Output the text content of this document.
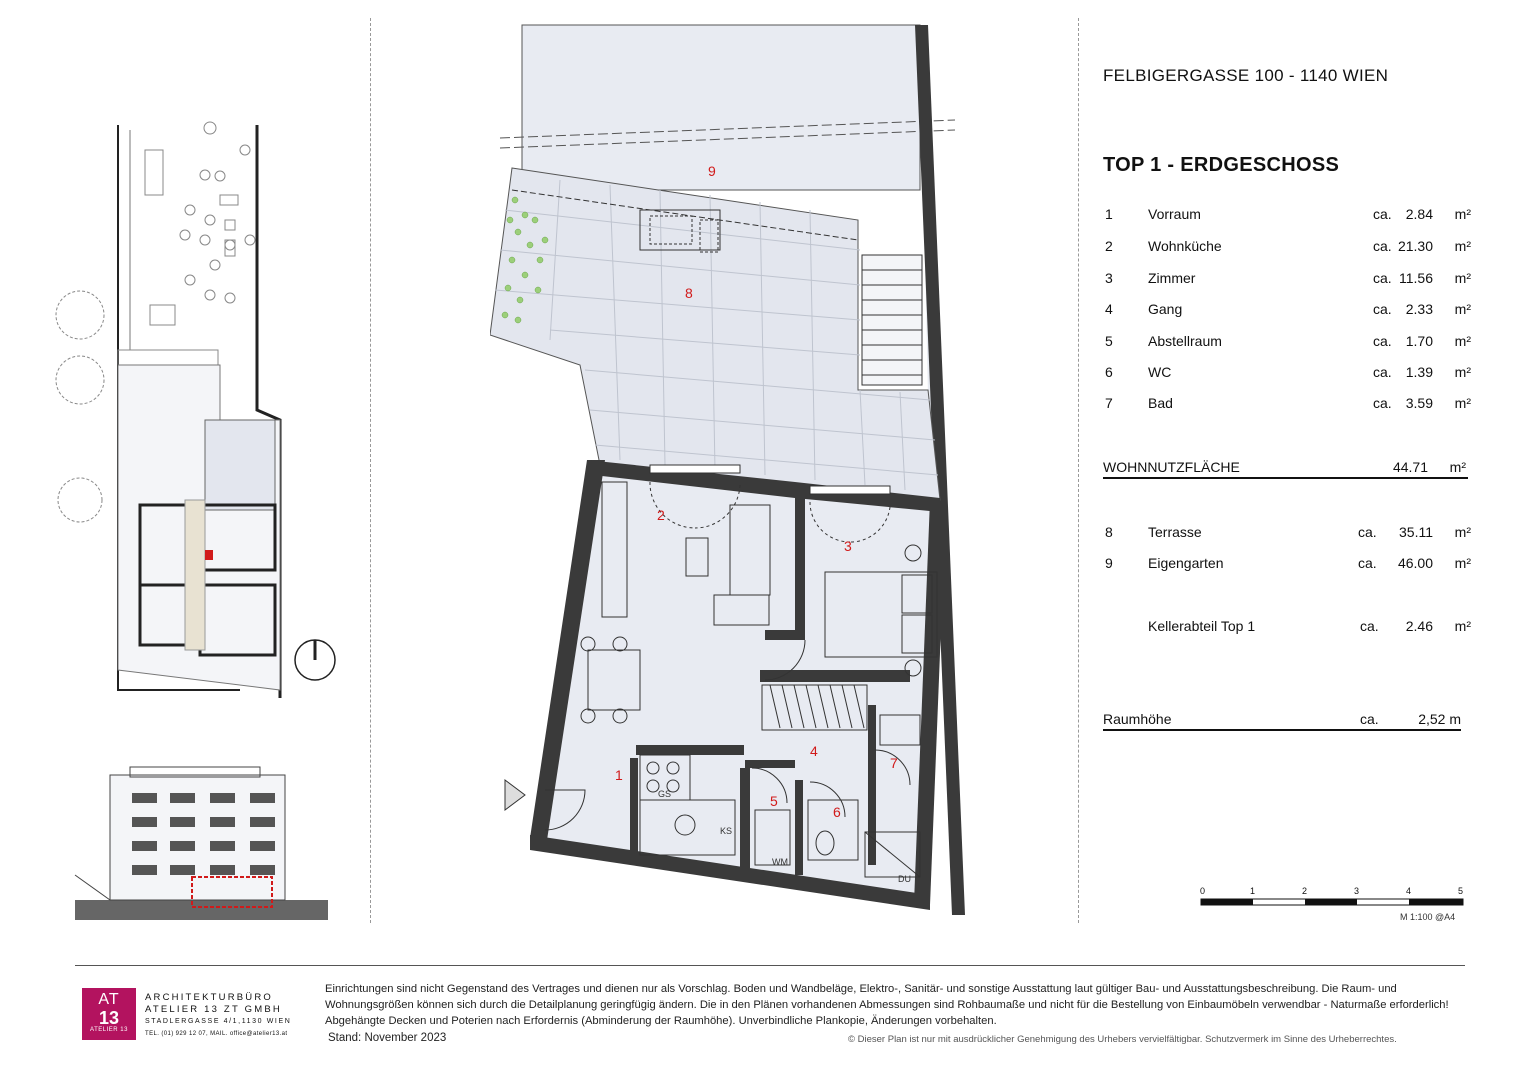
9
8
2
3
4
7
1
5
6
GS
KS
WM
DU
FELBIGERGASSE 100 - 1140 WIEN
TOP 1 - ERDGESCHOSS
1	Vorraum	ca. 2.84 m²
2	Wohnküche	ca. 21.30 m²
3	Zimmer	ca. 11.56 m²
4	Gang	ca. 2.33 m²
5	Abstellraum	ca. 1.70 m²
6	WC	ca. 1.39 m²
7	Bad	ca. 3.59 m²
WOHNNUTZFLÄCHE	44.71 m²
8	Terrasse	ca. 35.11 m²
9	Eigengarten	ca. 46.00 m²
Kellerabteil Top 1	ca. 2.46 m²
Raumhöhe	ca.	2,52 m
0	1	2	3	4	5
M 1:100 @A4
AT
13
ATELIER 13
ARCHITEKTURBÜRO
ATELIER 13 ZT GMBH
STADLERGASSE 4/1,1130 WIEN
TEL. (01) 929 12 07, MAIL. office@atelier13.at
Einrichtungen sind nicht Gegenstand des Vertrages und dienen nur als Vorschlag. Boden und Wandbeläge, Elektro-, Sanitär- und sonstige Ausstattung laut gültiger Bau- und Ausstattungsbeschreibung. Die Raum- und Wohnungsgrößen können sich durch die Detailplanung geringfügig ändern. Die in den Plänen vorhandenen Abmessungen sind Rohbaumaße und nicht für die Bestellung von Einbaumöbeln verwendbar - Naturmaße erforderlich! Abgehängte Decken und Poterien nach Erfordernis (Abminderung der Raumhöhe). Unverbindliche Plankopie, Änderungen vorbehalten.
Stand: November 2023	© Dieser Plan ist nur mit ausdrücklicher Genehmigung des Urhebers vervielfältigbar. Schutzvermerk im Sinne des Urheberrechtes.
